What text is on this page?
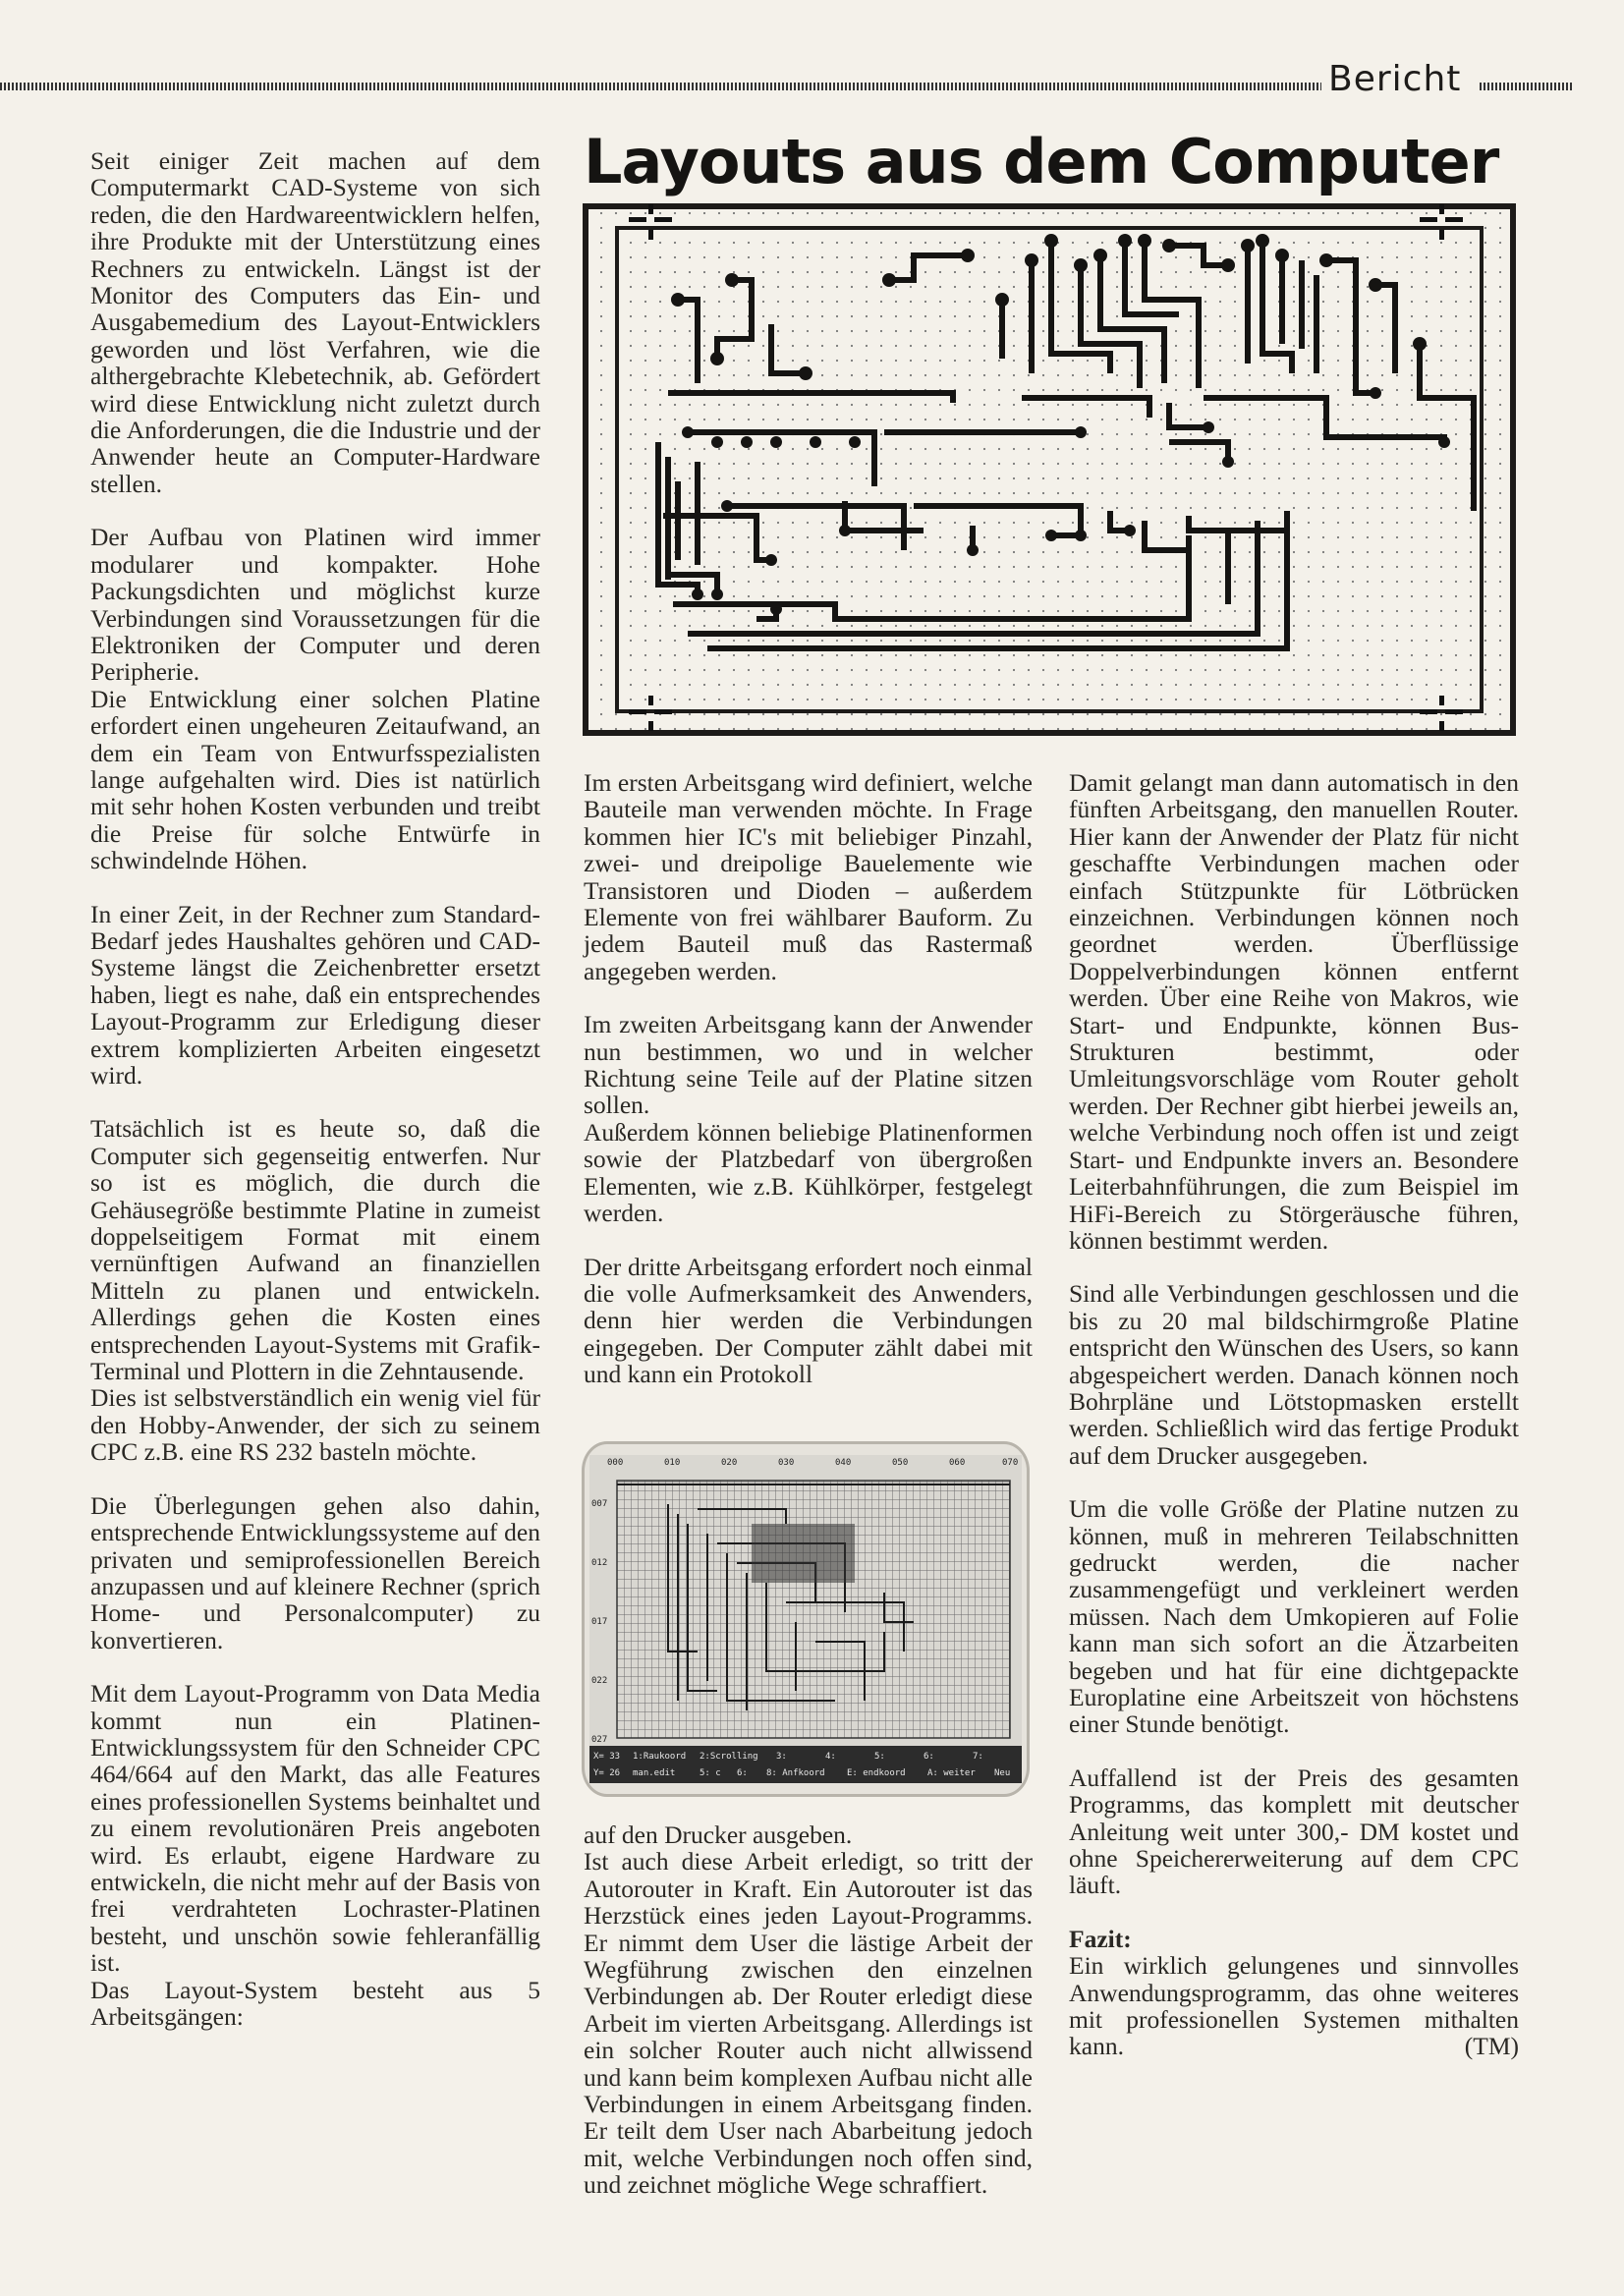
Bericht
Layouts aus dem Computer

Seit einiger Zeit machen auf dem Computermarkt CAD-Systeme von sich reden, die den Hardwareentwicklern helfen, ihre Produkte mit der Unterstützung eines Rechners zu entwickeln. Längst ist der Monitor des Computers das Ein- und Ausgabemedium des Layout-Entwicklers geworden und löst Verfahren, wie die althergebrachte Klebetechnik, ab. Gefördert wird diese Entwicklung nicht zuletzt durch die Anforderungen, die die Industrie und der Anwender heute an Computer-Hardware stellen.

Der Aufbau von Platinen wird immer modularer und kompakter. Hohe Packungsdichten und möglichst kurze Verbindungen sind Voraussetzungen für die Elektroniken der Computer und deren Peripherie.

Die Entwicklung einer solchen Platine erfordert einen ungeheuren Zeitaufwand, an dem ein Team von Entwurfsspezialisten lange aufgehalten wird. Dies ist natürlich mit sehr hohen Kosten verbunden und treibt die Preise für solche Entwürfe in schwindelnde Höhen.

In einer Zeit, in der Rechner zum Standard-Bedarf jedes Haushaltes gehören und CAD-Systeme längst die Zeichenbretter ersetzt haben, liegt es nahe, daß ein entsprechendes Layout-Programm zur Erledigung dieser extrem komplizierten Arbeiten eingesetzt wird.

Tatsächlich ist es heute so, daß die Computer sich gegenseitig entwerfen. Nur so ist es möglich, die durch die Gehäusegröße bestimmte Platine in zumeist doppelseitigem Format mit einem vernünftigen Aufwand an finanziellen Mitteln zu planen und entwickeln. Allerdings gehen die Kosten eines entsprechenden Layout-Systems mit Grafik-Terminal und Plottern in die Zehntausende.

Dies ist selbstverständlich ein wenig viel für den Hobby-Anwender, der sich zu seinem CPC z.B. eine RS 232 basteln möchte.

Die Überlegungen gehen also dahin, entsprechende Entwicklungssysteme auf den privaten und semiprofessionellen Bereich anzupassen und auf kleinere Rechner (sprich Home- und Personalcomputer) zu konvertieren.

Mit dem Layout-Programm von Data Media kommt nun ein Platinen-Entwicklungssystem für den Schneider CPC 464/664 auf den Markt, das alle Features eines professionellen Systems beinhaltet und zu einem revolutionären Preis angeboten wird. Es erlaubt, eigene Hardware zu entwickeln, die nicht mehr auf der Basis von frei verdrahteten Lochraster-Platinen besteht, und unschön sowie fehleranfällig ist.

Das Layout-System besteht aus 5 Arbeitsgängen:

Im ersten Arbeitsgang wird definiert, welche Bauteile man verwenden möchte. In Frage kommen hier IC's mit beliebiger Pinzahl, zwei- und dreipolige Bauelemente wie Transistoren und Dioden – außerdem Elemente von frei wählbarer Bauform. Zu jedem Bauteil muß das Rastermaß angegeben werden.

Im zweiten Arbeitsgang kann der Anwender nun bestimmen, wo und in welcher Richtung seine Teile auf der Platine sitzen sollen.

Außerdem können beliebige Platinenformen sowie der Platzbedarf von übergroßen Elementen, wie z.B. Kühlkörper, festgelegt werden.

Der dritte Arbeitsgang erfordert noch einmal die volle Aufmerksamkeit des Anwenders, denn hier werden die Verbindungen eingegeben. Der Computer zählt dabei mit und kann ein Protokoll

000	010	020	030	040	050	060	070
007
012
017
022
027
X= 33 1:Raukoord 2:Scrolling 3:	4:	5:	6:	7:
Y= 26 man.edit	5: c 6: 8: Anfkoord E: endkoord A: weiter Neu

auf den Drucker ausgeben.

Ist auch diese Arbeit erledigt, so tritt der Autorouter in Kraft. Ein Autorouter ist das Herzstück eines jeden Layout-Programms. Er nimmt dem User die lästige Arbeit der Wegführung zwischen den einzelnen Verbindungen ab. Der Router erledigt diese Arbeit im vierten Arbeitsgang. Allerdings ist ein solcher Router auch nicht allwissend und kann beim komplexen Aufbau nicht alle Verbindungen in einem Arbeitsgang finden. Er teilt dem User nach Abarbeitung jedoch mit, welche Verbindungen noch offen sind, und zeichnet mögliche Wege schraffiert.

Damit gelangt man dann automatisch in den fünften Arbeitsgang, den manuellen Router. Hier kann der Anwender der Platz für nicht geschaffte Verbindungen machen oder einfach Stützpunkte für Lötbrücken einzeichnen. Verbindungen können noch geordnet werden. Überflüssige Doppelverbindungen können entfernt werden. Über eine Reihe von Makros, wie Start- und Endpunkte, können Bus-Strukturen bestimmt, oder Umleitungsvorschläge vom Router geholt werden. Der Rechner gibt hierbei jeweils an, welche Verbindung noch offen ist und zeigt Start- und Endpunkte invers an. Besondere Leiterbahnführungen, die zum Beispiel im HiFi-Bereich zu Störgeräusche führen, können bestimmt werden.

Sind alle Verbindungen geschlossen und die bis zu 20 mal bildschirmgroße Platine entspricht den Wünschen des Users, so kann abgespeichert werden. Danach können noch Bohrpläne und Lötstopmasken erstellt werden. Schließlich wird das fertige Produkt auf dem Drucker ausgegeben.

Um die volle Größe der Platine nutzen zu können, muß in mehreren Teilabschnitten gedruckt werden, die nacher zusammengefügt und verkleinert werden müssen. Nach dem Umkopieren auf Folie kann man sich sofort an die Ätzarbeiten begeben und hat für eine dichtgepackte Europlatine eine Arbeitszeit von höchstens einer Stunde benötigt.

Auffallend ist der Preis des gesamten Programms, das komplett mit deutscher Anleitung weit unter 300,- DM kostet und ohne Speichererweiterung auf dem CPC läuft.

Fazit:

Ein wirklich gelungenes und sinnvolles Anwendungsprogramm, das ohne weiteres mit professionellen Systemen mithalten kann.	(TM)
